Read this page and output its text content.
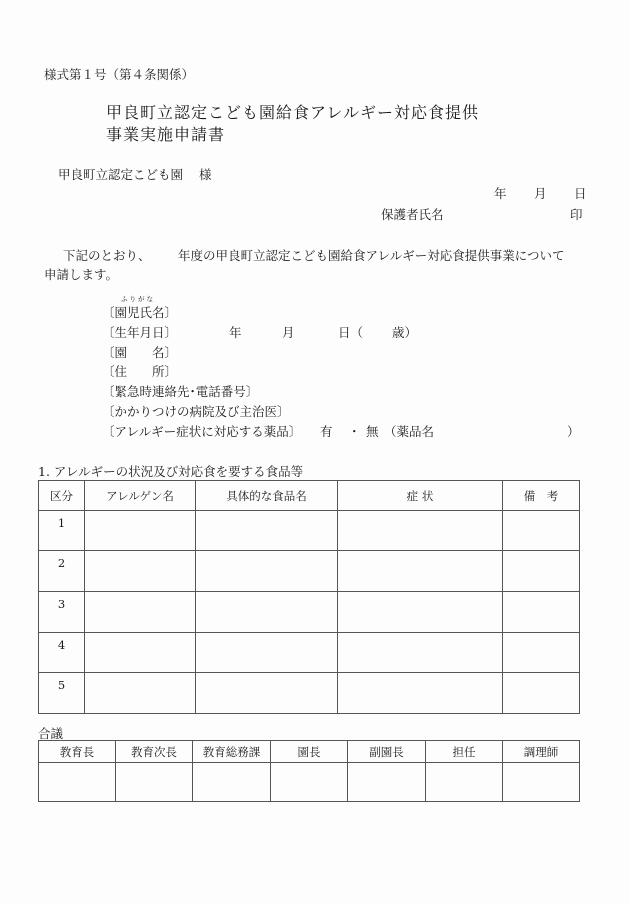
様式第１号（第４条関係）
甲良町立認定こども園給食アレルギー対応食提供
事業実施申請書
甲良町立認定こども園 様
年 月 日
保護者氏名	印
下記のとおり、 年度の甲良町立認定こども園給食アレルギー対応食提供事業について
申請します。
ふりがな
〔園児氏名〕
〔生年月日〕	年	月	日（ 歳）
〔園　　名〕
〔住　　所〕
〔緊急時連絡先･電話番号〕
〔かかりつけの病院及び主治医〕
〔アレルギー症状に対応する薬品〕 有 ・ 無 （薬品名	）
1. アレルギーの状況及び対応食を要する食品等
区分	アレルゲン名	具体的な食品名	症 状	備　考
1				
2				
3				
4				
5				
合議
教育長	教育次長	教育総務課	園長	副園長	担任	調理師
